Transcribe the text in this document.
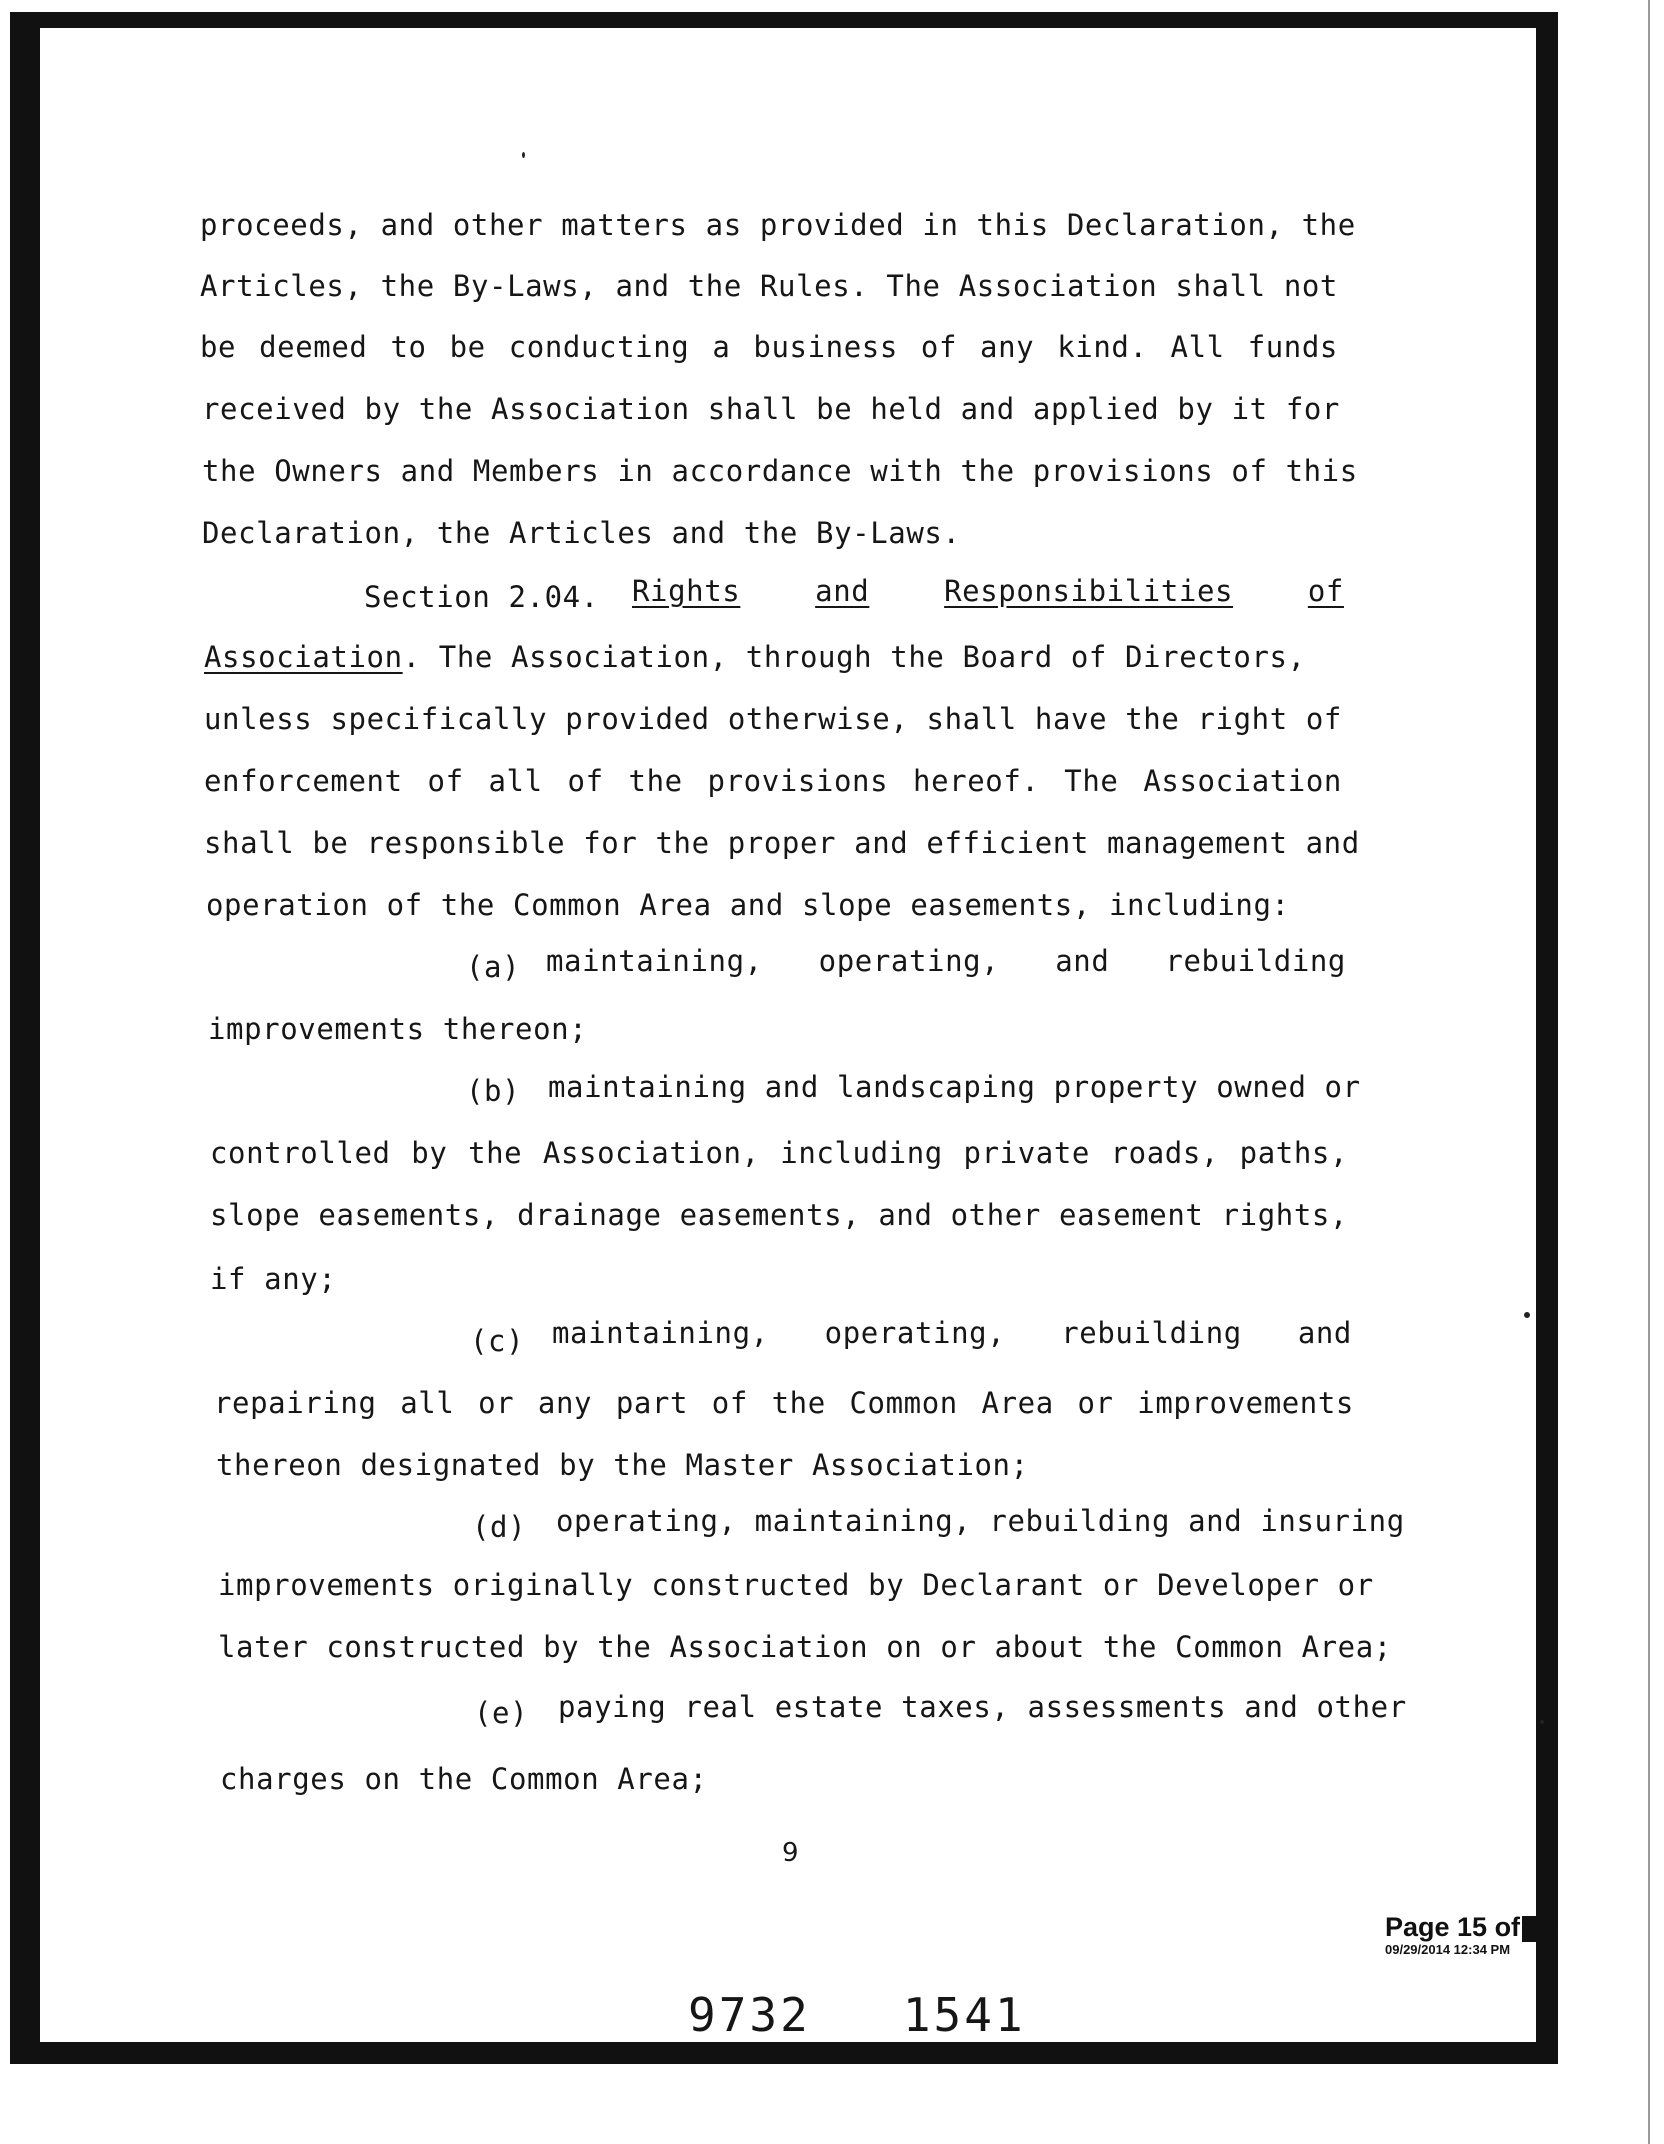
proceeds, and other matters as provided in this Declaration, the
Articles, the By-Laws, and the Rules. The Association shall not
be deemed to be conducting a business of any kind. All funds
received by the Association shall be held and applied by it for
the Owners and Members in accordance with the provisions of this
Declaration, the Articles and the By-Laws.
Section 2.04. Rights	and	Responsibilities	of
Association. The Association, through the Board of Directors,
unless specifically provided otherwise, shall have the right of
enforcement of all of the provisions hereof. The Association
shall be responsible for the proper and efficient management and
operation of the Common Area and slope easements, including:
(a) maintaining, operating, and rebuilding
improvements thereon;
(b) maintaining and landscaping property owned or
controlled by the Association, including private roads, paths,
slope easements, drainage easements, and other easement rights,
if any;
(c) maintaining, operating, rebuilding and
repairing all or any part of the Common Area or improvements
thereon designated by the Master Association;
(d) operating, maintaining, rebuilding and insuring
improvements originally constructed by Declarant or Developer or
later constructed by the Association on or about the Common Area;
(e) paying real estate taxes, assessments and other
charges on the Common Area;
9
Page 15 of 1
09/29/2014 12:34 PM
9732   1541
